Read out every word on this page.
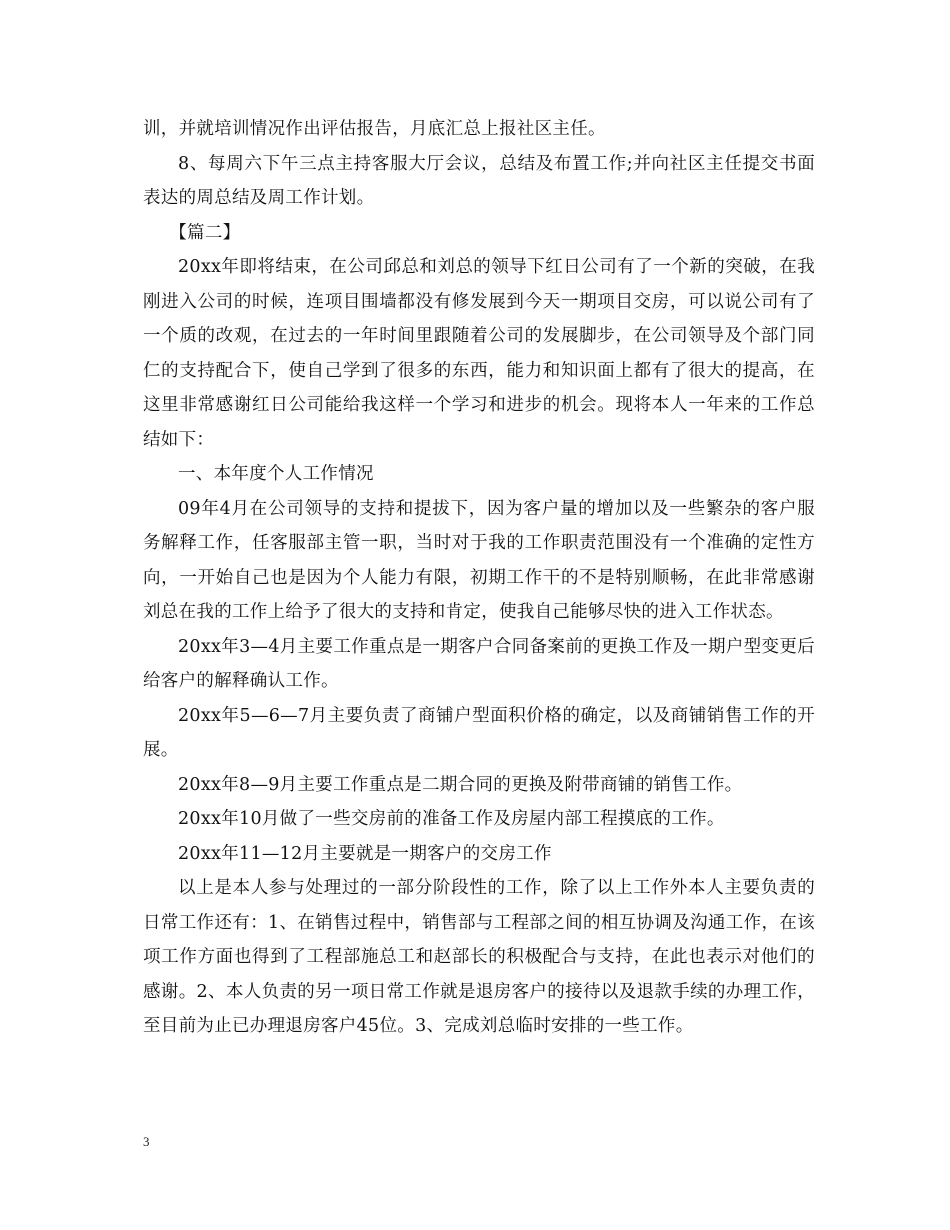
训，并就培训情况作出评估报告，月底汇总上报社区主任。

8、每周六下午三点主持客服大厅会议，总结及布置工作;并向社区主任提交书面表达的周总结及周工作计划。

【篇二】

20xx年即将结束，在公司邱总和刘总的领导下红日公司有了一个新的突破，在我刚进入公司的时候，连项目围墙都没有修发展到今天一期项目交房，可以说公司有了一个质的改观，在过去的一年时间里跟随着公司的发展脚步，在公司领导及个部门同仁的支持配合下，使自己学到了很多的东西，能力和知识面上都有了很大的提高，在这里非常感谢红日公司能给我这样一个学习和进步的机会。现将本人一年来的工作总结如下：

一、本年度个人工作情况

09年4月在公司领导的支持和提拔下，因为客户量的增加以及一些繁杂的客户服务解释工作，任客服部主管一职，当时对于我的工作职责范围没有一个准确的定性方向，一开始自己也是因为个人能力有限，初期工作干的不是特别顺畅，在此非常感谢刘总在我的工作上给予了很大的支持和肯定，使我自己能够尽快的进入工作状态。

20xx年3—4月主要工作重点是一期客户合同备案前的更换工作及一期户型变更后给客户的解释确认工作。

20xx年5—6—7月主要负责了商铺户型面积价格的确定，以及商铺销售工作的开展。

20xx年8—9月主要工作重点是二期合同的更换及附带商铺的销售工作。

20xx年10月做了一些交房前的准备工作及房屋内部工程摸底的工作。

20xx年11—12月主要就是一期客户的交房工作

以上是本人参与处理过的一部分阶段性的工作，除了以上工作外本人主要负责的日常工作还有：1、在销售过程中，销售部与工程部之间的相互协调及沟通工作，在该项工作方面也得到了工程部施总工和赵部长的积极配合与支持，在此也表示对他们的感谢。2、本人负责的另一项日常工作就是退房客户的接待以及退款手续的办理工作，至目前为止已办理退房客户45位。3、完成刘总临时安排的一些工作。

3
